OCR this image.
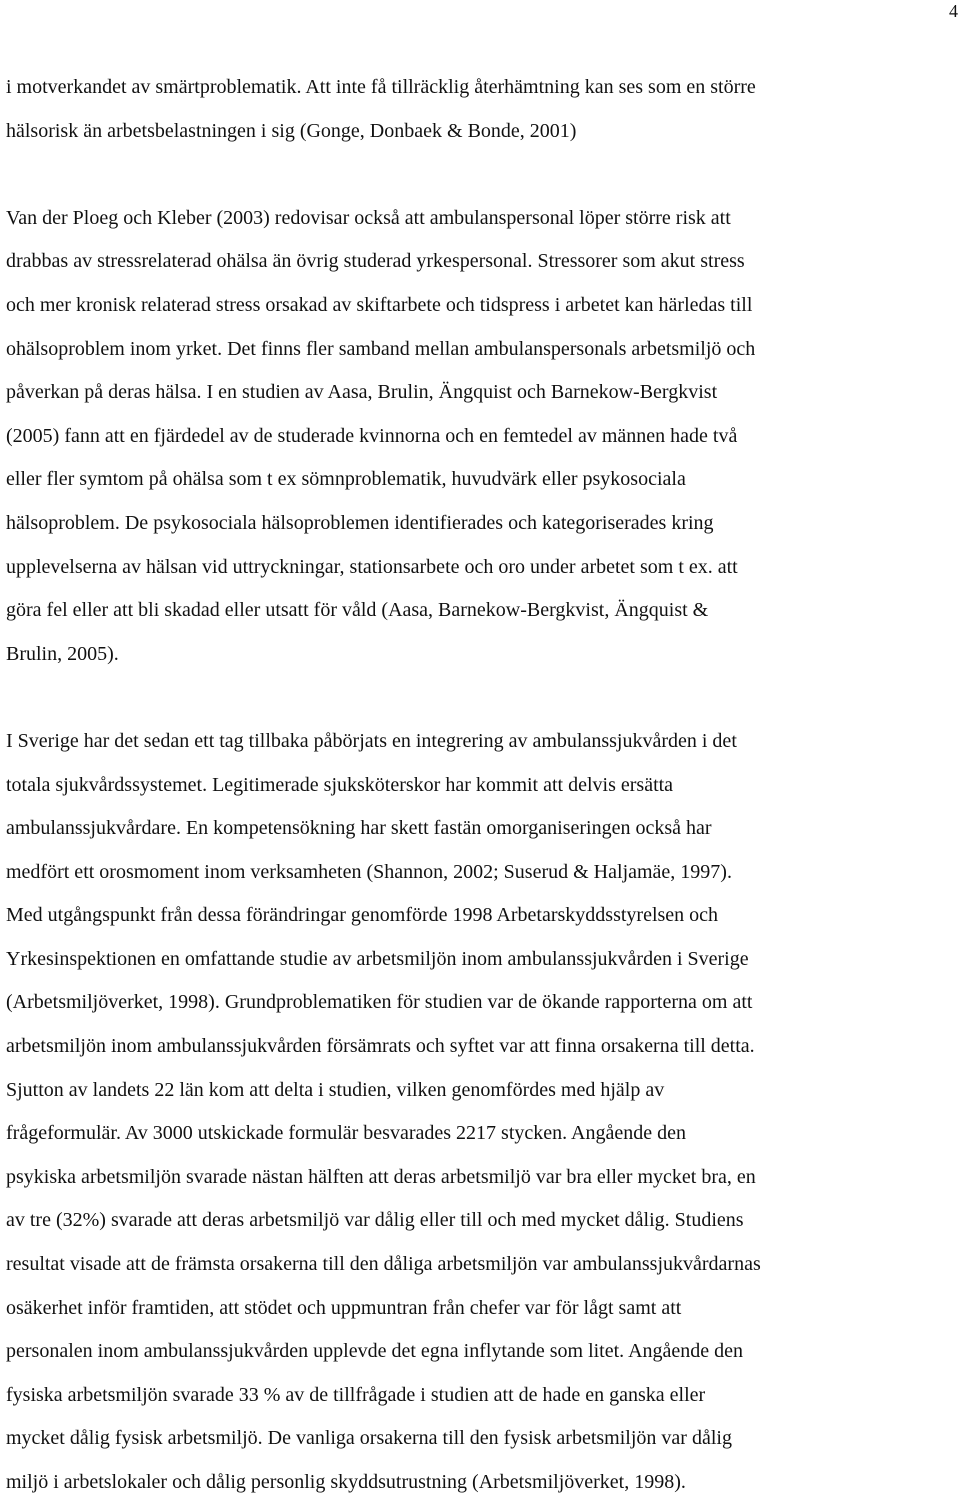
4

i motverkandet av smärtproblematik. Att inte få tillräcklig återhämtning kan ses som en större

hälsorisk än arbetsbelastningen i sig (Gonge, Donbaek & Bonde, 2001)

Van der Ploeg och Kleber (2003) redovisar också att ambulanspersonal löper större risk att

drabbas av stressrelaterad ohälsa än övrig studerad yrkespersonal. Stressorer som akut stress

och mer kronisk relaterad stress orsakad av skiftarbete och tidspress i arbetet kan härledas till

ohälsoproblem inom yrket. Det finns fler samband mellan ambulanspersonals arbetsmiljö och

påverkan på deras hälsa. I en studien av Aasa, Brulin, Ängquist och Barnekow-Bergkvist

(2005) fann att en fjärdedel av de studerade kvinnorna och en femtedel av männen hade två

eller fler symtom på ohälsa som t ex sömnproblematik, huvudvärk eller psykosociala

hälsoproblem. De psykosociala hälsoproblemen identifierades och kategoriserades kring

upplevelserna av hälsan vid uttryckningar, stationsarbete och oro under arbetet som t ex. att

göra fel eller att bli skadad eller utsatt för våld (Aasa, Barnekow-Bergkvist, Ängquist &

Brulin, 2005).

I Sverige har det sedan ett tag tillbaka påbörjats en integrering av ambulanssjukvården i det

totala sjukvårdssystemet. Legitimerade sjuksköterskor har kommit att delvis ersätta

ambulanssjukvårdare. En kompetensökning har skett fastän omorganiseringen också har

medfört ett orosmoment inom verksamheten (Shannon, 2002; Suserud & Haljamäe, 1997).

Med utgångspunkt från dessa förändringar genomförde 1998 Arbetarskyddsstyrelsen och

Yrkesinspektionen en omfattande studie av arbetsmiljön inom ambulanssjukvården i Sverige

(Arbetsmiljöverket, 1998). Grundproblematiken för studien var de ökande rapporterna om att

arbetsmiljön inom ambulanssjukvården försämrats och syftet var att finna orsakerna till detta.

Sjutton av landets 22 län kom att delta i studien, vilken genomfördes med hjälp av

frågeformulär. Av 3000 utskickade formulär besvarades 2217 stycken. Angående den

psykiska arbetsmiljön svarade nästan hälften att deras arbetsmiljö var bra eller mycket bra, en

av tre (32%) svarade att deras arbetsmiljö var dålig eller till och med mycket dålig. Studiens

resultat visade att de främsta orsakerna till den dåliga arbetsmiljön var ambulanssjukvårdarnas

osäkerhet inför framtiden, att stödet och uppmuntran från chefer var för lågt samt att

personalen inom ambulanssjukvården upplevde det egna inflytande som litet. Angående den

fysiska arbetsmiljön svarade 33 % av de tillfrågade i studien att de hade en ganska eller

mycket dålig fysisk arbetsmiljö. De vanliga orsakerna till den fysisk arbetsmiljön var dålig

miljö i arbetslokaler och dålig personlig skyddsutrustning (Arbetsmiljöverket, 1998).
